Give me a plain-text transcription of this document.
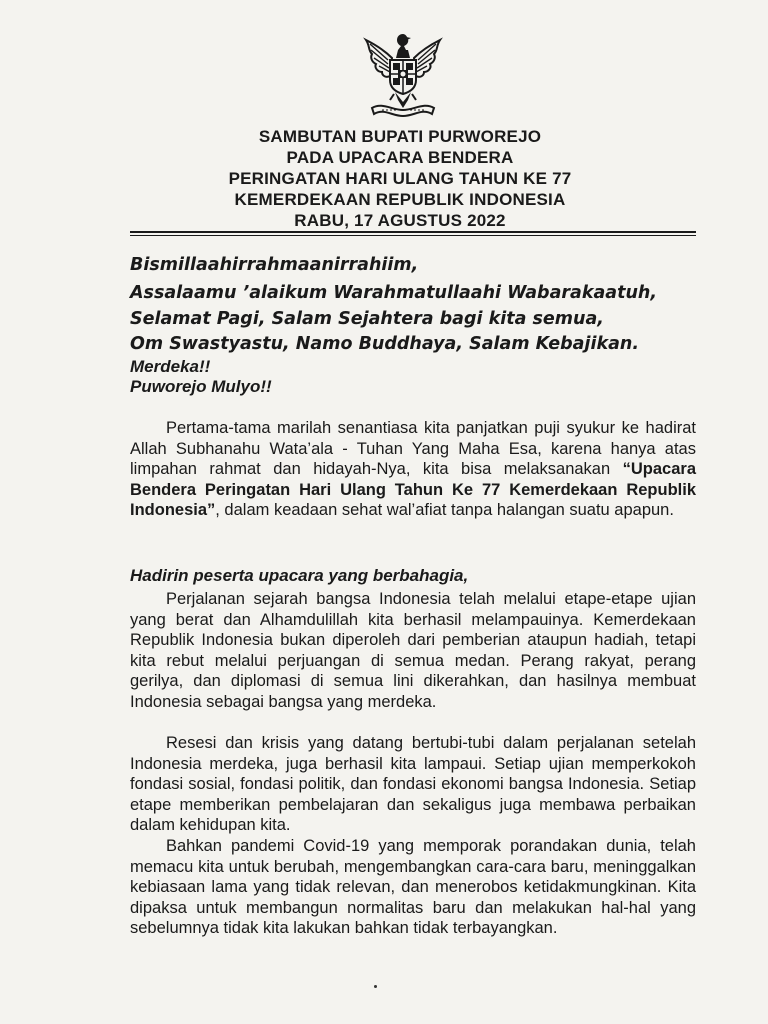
SAMBUTAN BUPATI PURWOREJO
PADA UPACARA BENDERA
PERINGATAN HARI ULANG TAHUN KE 77
KEMERDEKAAN REPUBLIK INDONESIA
RABU, 17 AGUSTUS 2022
Bismillaahirrahmaanirrahiim,
Assalaamu ’alaikum Warahmatullaahi Wabarakaatuh,
Selamat Pagi, Salam Sejahtera bagi kita semua,
Om Swastyastu, Namo Buddhaya, Salam Kebajikan.
Merdeka!!
Puworejo Mulyo!!

Pertama-tama marilah senantiasa kita panjatkan puji syukur ke hadirat Allah Subhanahu Wata’ala - Tuhan Yang Maha Esa, karena hanya atas limpahan rahmat dan hidayah-Nya, kita bisa melaksanakan “Upacara Bendera Peringatan Hari Ulang Tahun Ke 77 Kemerdekaan Republik Indonesia”, dalam keadaan sehat wal’afiat tanpa halangan suatu apapun.

Hadirin peserta upacara yang berbahagia,

Perjalanan sejarah bangsa Indonesia telah melalui etape-etape ujian yang berat dan Alhamdulillah kita berhasil melampauinya. Kemerdekaan Republik Indonesia bukan diperoleh dari pemberian ataupun hadiah, tetapi kita rebut melalui perjuangan di semua medan. Perang rakyat, perang gerilya, dan diplomasi di semua lini dikerahkan, dan hasilnya membuat Indonesia sebagai bangsa yang merdeka.

Resesi dan krisis yang datang bertubi-tubi dalam perjalanan setelah Indonesia merdeka, juga berhasil kita lampaui. Setiap ujian memperkokoh fondasi sosial, fondasi politik, dan fondasi ekonomi bangsa Indonesia. Setiap etape memberikan pembelajaran dan sekaligus juga membawa perbaikan dalam kehidupan kita.

Bahkan pandemi Covid-19 yang memporak porandakan dunia, telah memacu kita untuk berubah, mengembangkan cara-cara baru, meninggalkan kebiasaan lama yang tidak relevan, dan menerobos ketidakmungkinan. Kita dipaksa untuk membangun normalitas baru dan melakukan hal-hal yang sebelumnya tidak kita lakukan bahkan tidak terbayangkan.
